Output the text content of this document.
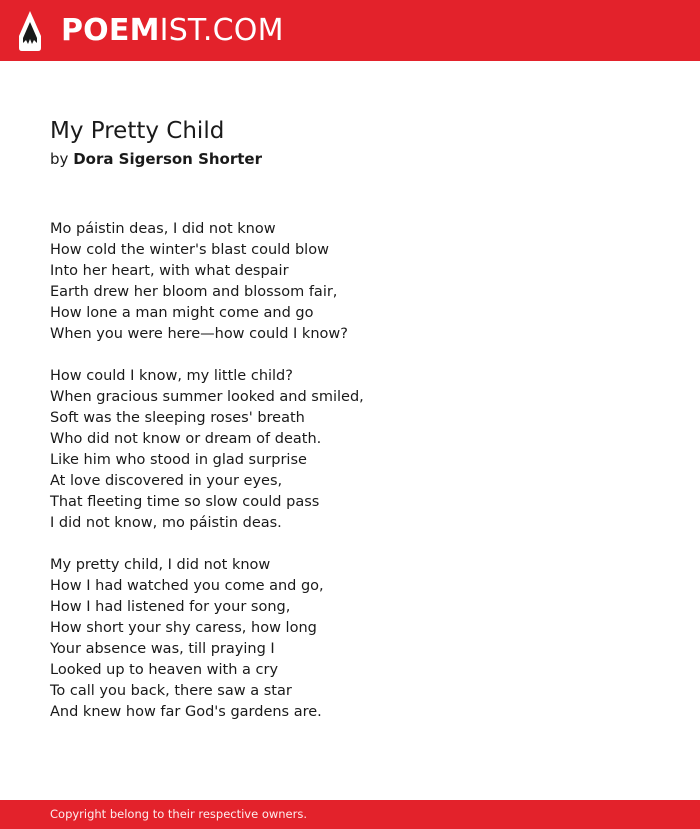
POEMIST.COM
My Pretty Child
by Dora Sigerson Shorter
Mo páistin deas, I did not know
How cold the winter's blast could blow
Into her heart, with what despair
Earth drew her bloom and blossom fair,
How lone a man might come and go
When you were here—how could I know?
How could I know, my little child?
When gracious summer looked and smiled,
Soft was the sleeping roses' breath
Who did not know or dream of death.
Like him who stood in glad surprise
At love discovered in your eyes,
That fleeting time so slow could pass
I did not know, mo páistin deas.
My pretty child, I did not know
How I had watched you come and go,
How I had listened for your song,
How short your shy caress, how long
Your absence was, till praying I
Looked up to heaven with a cry
To call you back, there saw a star
And knew how far God's gardens are.
Copyright belong to their respective owners.
